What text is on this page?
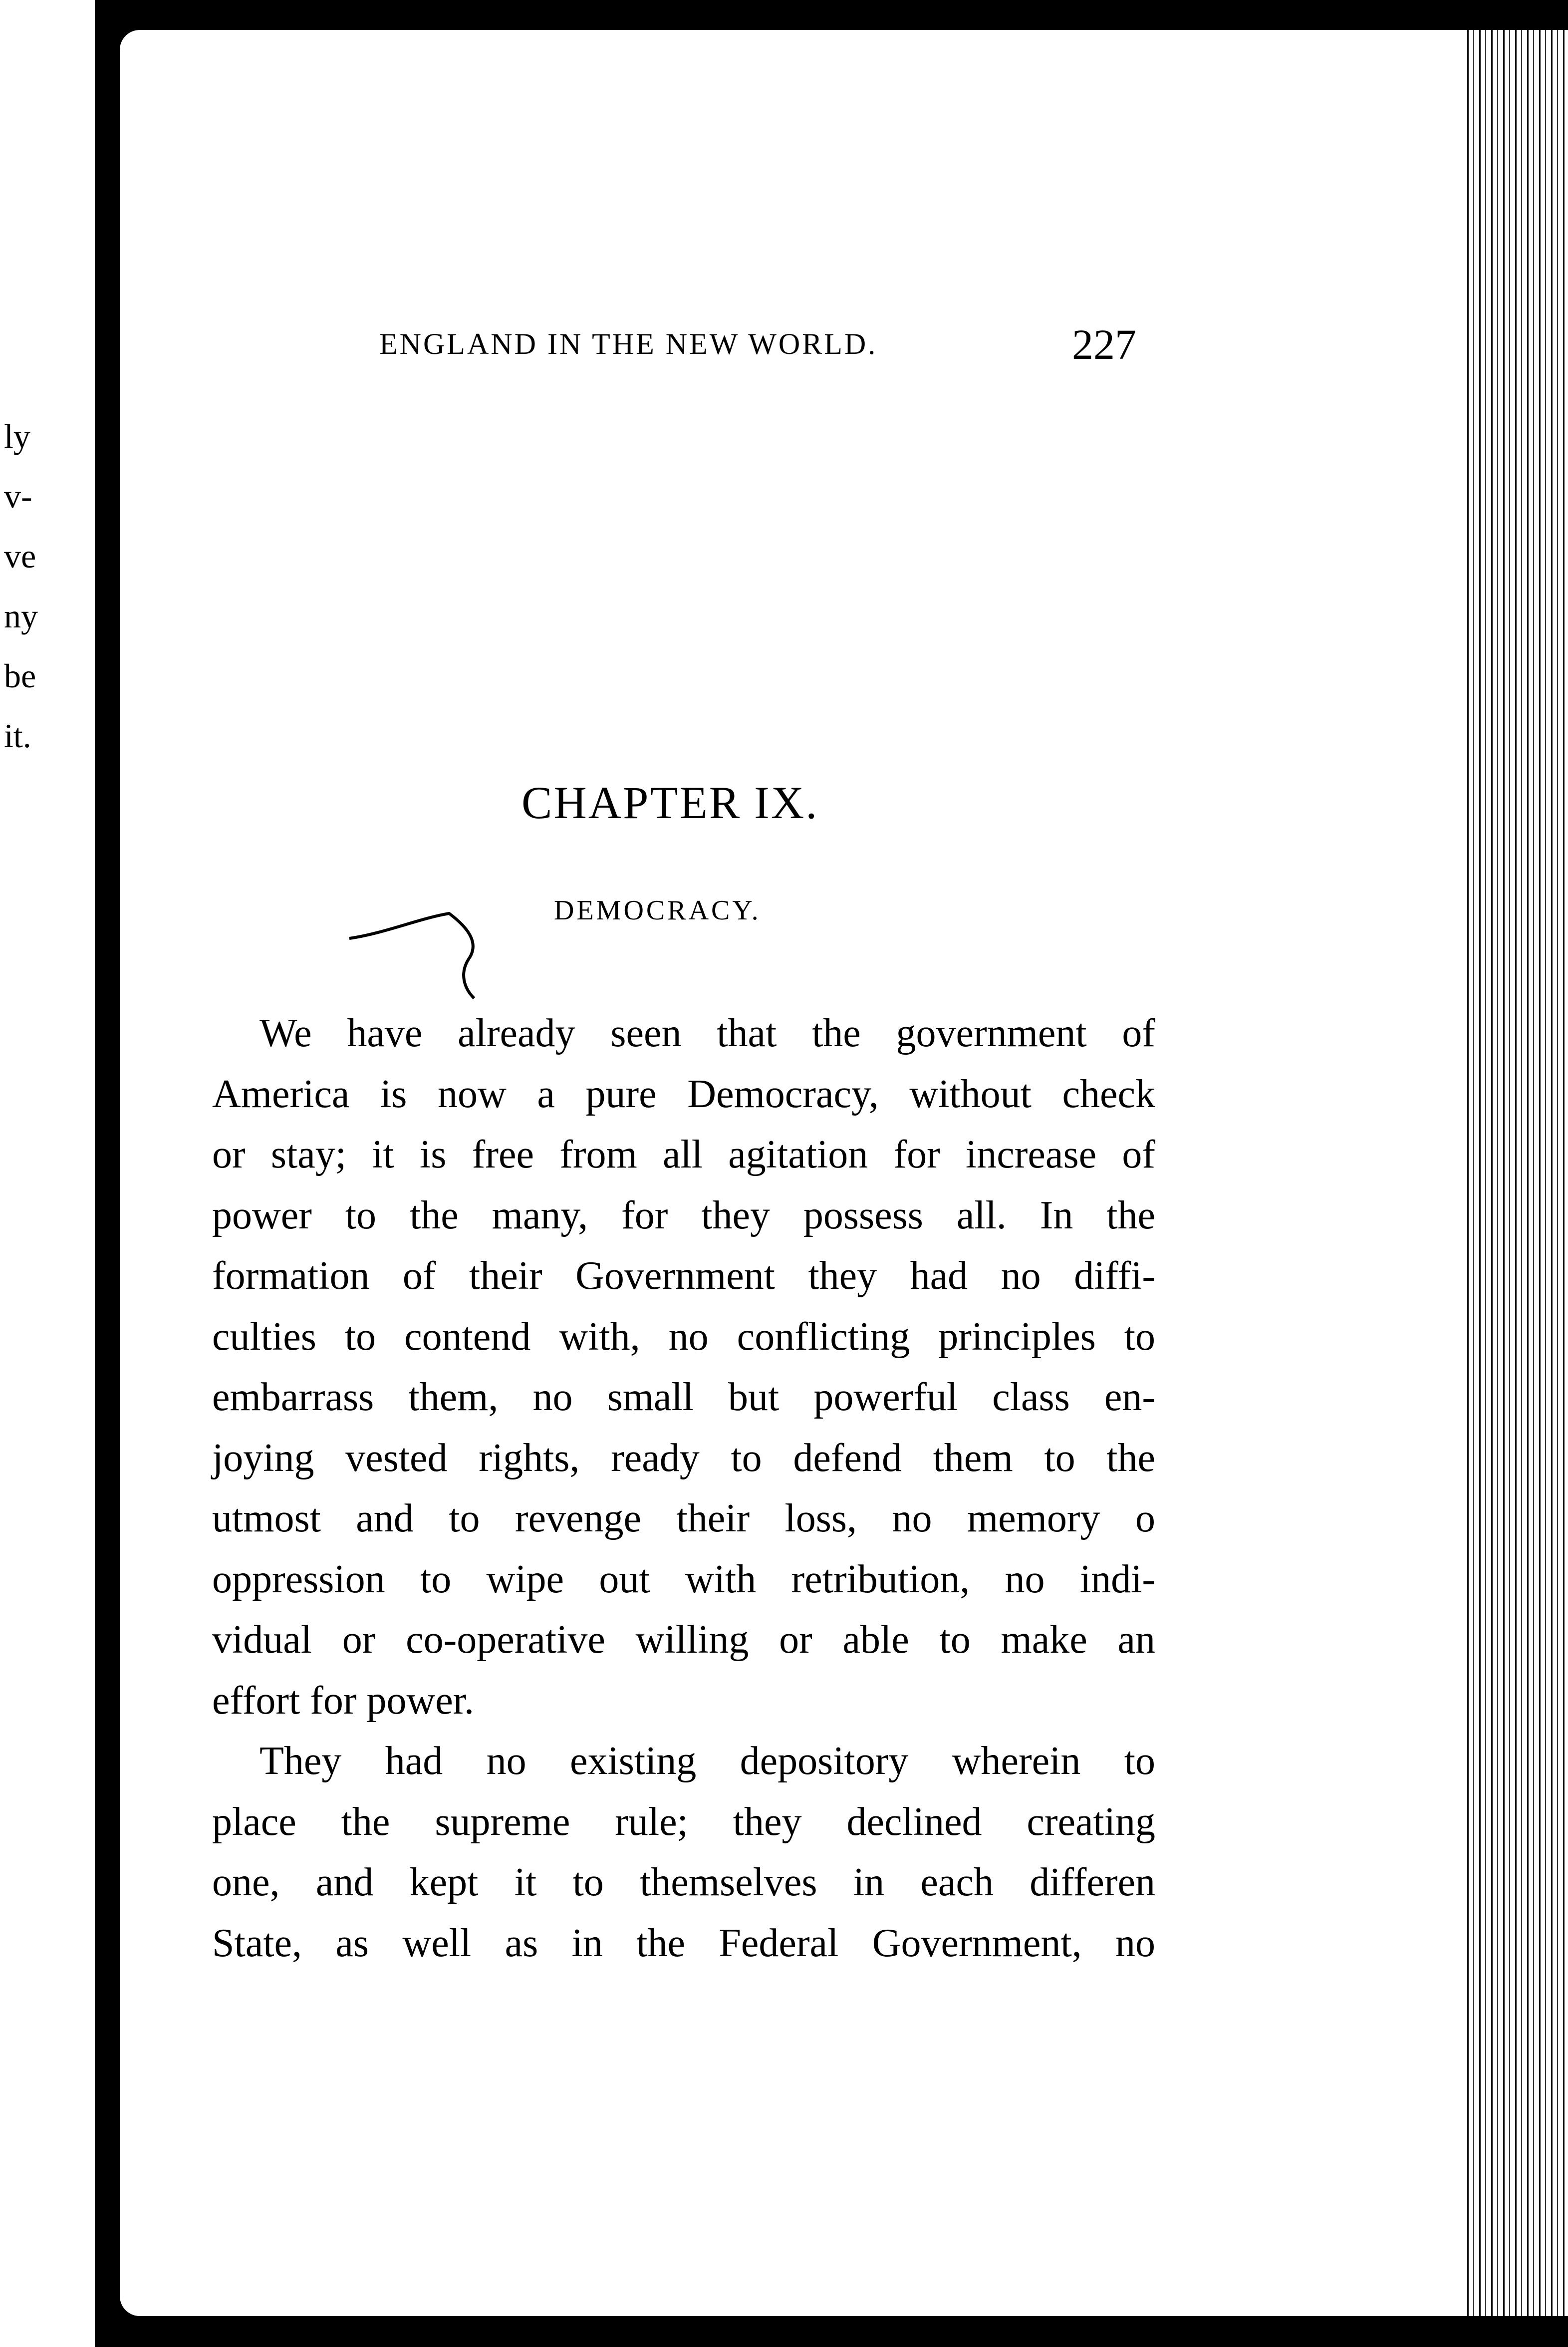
ly
v-
ve
ny
be
it.
ENGLAND IN THE NEW WORLD.	227
CHAPTER IX.
DEMOCRACY.
We have already seen that the government of
America is now a pure Democracy, without check
or stay; it is free from all agitation for increase of
power to the many, for they possess all. In the
formation of their Government they had no diffi-
culties to contend with, no conflicting principles to
embarrass them, no small but powerful class en-
joying vested rights, ready to defend them to the
utmost and to revenge their loss, no memory o
oppression to wipe out with retribution, no indi-
vidual or co-operative willing or able to make an
effort for power.
They had no existing depository wherein to
place the supreme rule; they declined creating
one, and kept it to themselves in each differen
State, as well as in the Federal Government, no
